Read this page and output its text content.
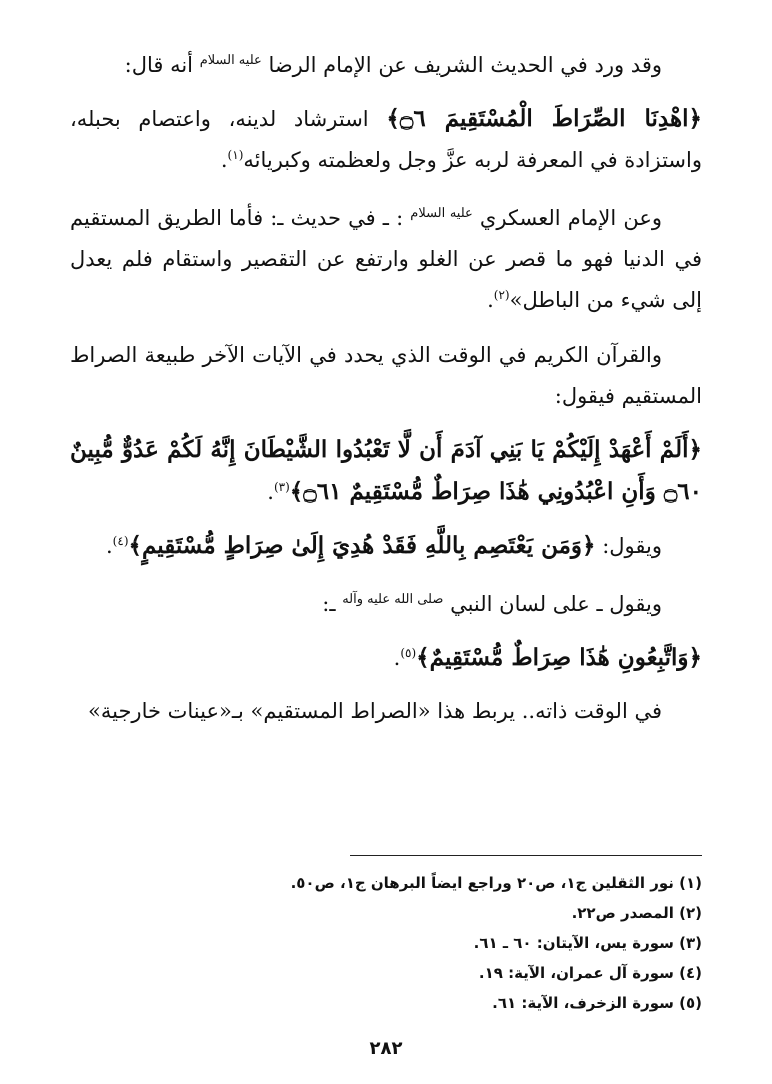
وقد ورد في الحديث الشريف عن الإمام الرضا $^{عليه السلام}$ أنه قال:

﴿اهْدِنَا الصِّرَاطَ الْمُسْتَقِيمَ ۝٦﴾ استرشاد لدينه، واعتصام بحبله، واستزادة في المعرفة لربه عزَّ وجل ولعظمته وكبريائه$^{(١)}$.

وعن الإمام العسكري $^{عليه السلام}$ : ـ في حديث ـ: فأما الطريق المستقيم في الدنيا فهو ما قصر عن الغلو وارتفع عن التقصير واستقام فلم يعدل إلى شيء من الباطل»$^{(٢)}$.

والقرآن الكريم في الوقت الذي يحدد في الآيات الآخر طبيعة الصراط المستقيم فيقول:

﴿أَلَمْ أَعْهَدْ إِلَيْكُمْ يَا بَنِي آدَمَ أَن لَّا تَعْبُدُوا الشَّيْطَانَ إِنَّهُ لَكُمْ عَدُوٌّ مُّبِينٌ ۝٦٠ وَأَنِ اعْبُدُونِي هَٰذَا صِرَاطٌ مُّسْتَقِيمٌ ۝٦١﴾$^{(٣)}$.

ويقول: ﴿وَمَن يَعْتَصِم بِاللَّهِ فَقَدْ هُدِيَ إِلَىٰ صِرَاطٍ مُّسْتَقِيمٍ﴾$^{(٤)}$.

ويقول ـ على لسان النبي $^{صلى الله عليه وآله}$ ـ:

﴿وَاتَّبِعُونِ هَٰذَا صِرَاطٌ مُّسْتَقِيمٌ﴾$^{(٥)}$.

في الوقت ذاته.. يربط هذا «الصراط المستقيم» بـ«عينات خارجية»

(١) نور الثقلين ج١، ص٢٠ وراجع ايضاً البرهان ج١، ص٥٠.
(٢) المصدر ص٢٢.
(٣) سورة يس، الآيتان: ٦٠ ـ ٦١.
(٤) سورة آل عمران، الآية: ١٩.
(٥) سورة الزخرف، الآية: ٦١.
٢٨٢
